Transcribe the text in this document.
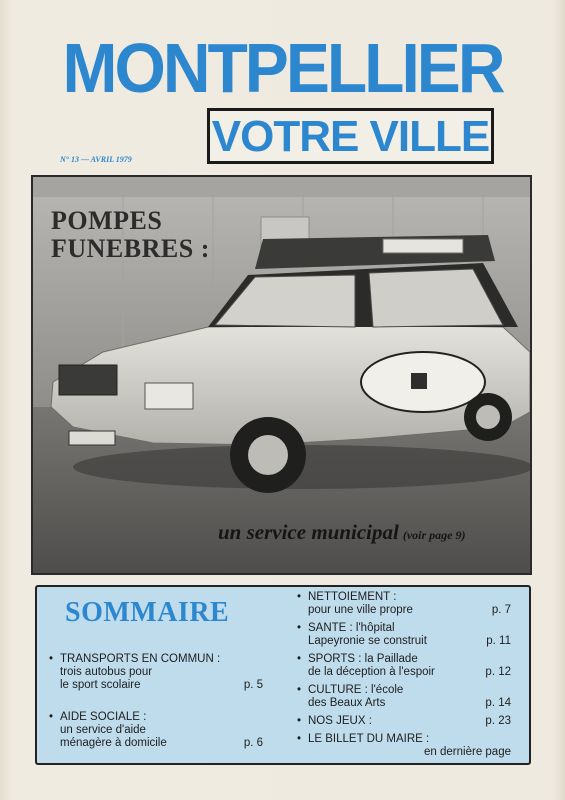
MONTPELLIER
VOTRE VILLE
N° 13 — AVRIL 1979
POMPES FUNEBRES :
un service municipal (voir page 9)
SOMMAIRE
• TRANSPORTS EN COMMUN :
trois autobus pour
le sport scolaire	p. 5
• AIDE SOCIALE :
un service d'aide
ménagère à domicile	p. 6
• NETTOIEMENT :
pour une ville propre	p. 7
• SANTE : l'hôpital
Lapeyronie se construit	p. 11
• SPORTS : la Paillade
de la déception à l'espoir	p. 12
• CULTURE : l'école
des Beaux Arts	p. 14
• NOS JEUX :	p. 23
• LE BILLET DU MAIRE :
en dernière page
